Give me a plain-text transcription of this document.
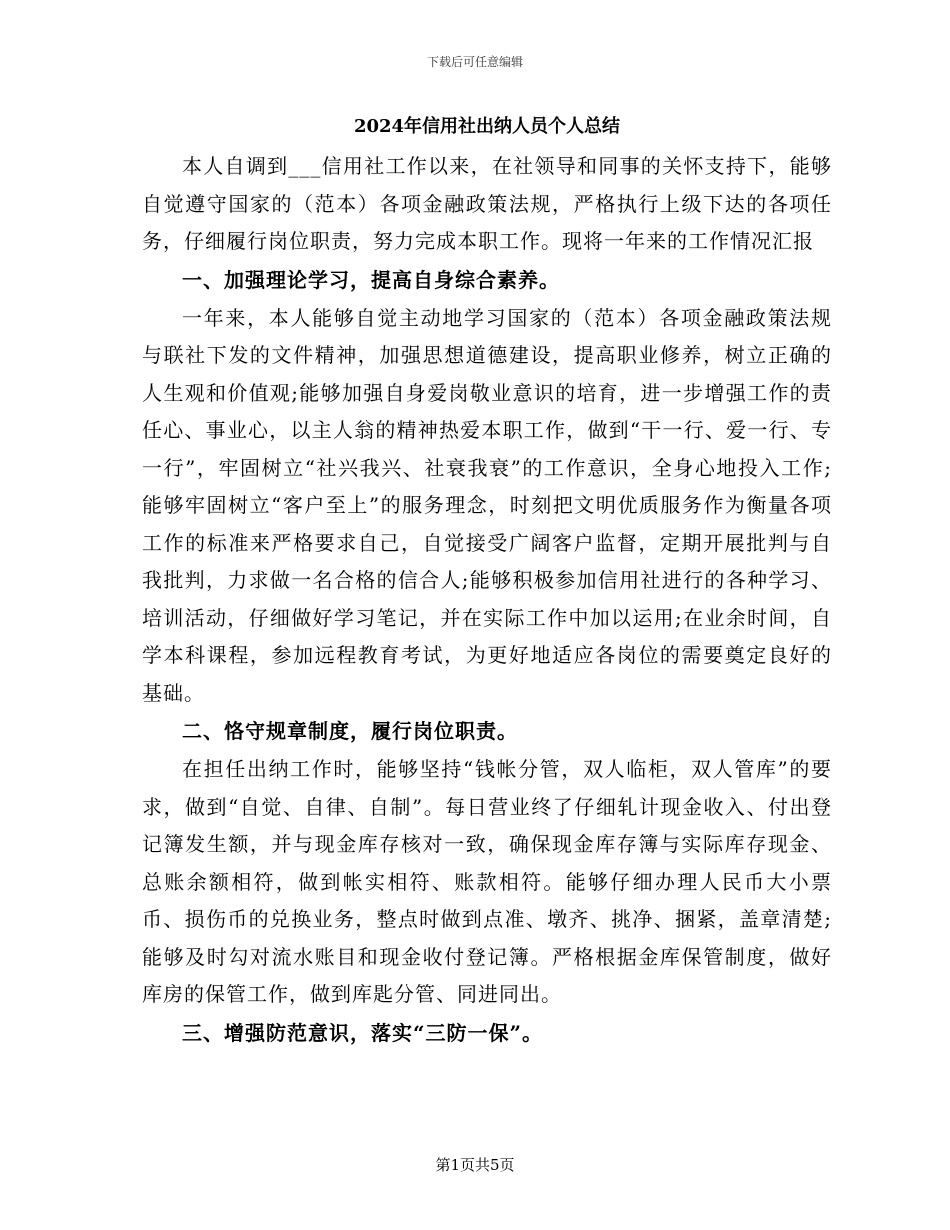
下载后可任意编辑
2024年信用社出纳人员个人总结

本人自调到___信用社工作以来，在社领导和同事的关怀支持下，能够自觉遵守国家的（范本）各项金融政策法规，严格执行上级下达的各项任务，仔细履行岗位职责，努力完成本职工作。现将一年来的工作情况汇报

一、加强理论学习，提高自身综合素养。

一年来，本人能够自觉主动地学习国家的（范本）各项金融政策法规与联社下发的文件精神，加强思想道德建设，提高职业修养，树立正确的人生观和价值观;能够加强自身爱岗敬业意识的培育，进一步增强工作的责任心、事业心，以主人翁的精神热爱本职工作，做到“干一行、爱一行、专一行”，牢固树立“社兴我兴、社衰我衰”的工作意识，全身心地投入工作;能够牢固树立“客户至上”的服务理念，时刻把文明优质服务作为衡量各项工作的标准来严格要求自己，自觉接受广阔客户监督，定期开展批判与自我批判，力求做一名合格的信合人;能够积极参加信用社进行的各种学习、培训活动，仔细做好学习笔记，并在实际工作中加以运用;在业余时间，自学本科课程，参加远程教育考试，为更好地适应各岗位的需要奠定良好的基础。

二、恪守规章制度，履行岗位职责。

在担任出纳工作时，能够坚持“钱帐分管，双人临柜，双人管库”的要求，做到“自觉、自律、自制”。每日营业终了仔细轧计现金收入、付出登记簿发生额，并与现金库存核对一致，确保现金库存簿与实际库存现金、总账余额相符，做到帐实相符、账款相符。能够仔细办理人民币大小票币、损伤币的兑换业务，整点时做到点准、墩齐、挑净、捆紧，盖章清楚;能够及时勾对流水账目和现金收付登记簿。严格根据金库保管制度，做好库房的保管工作，做到库匙分管、同进同出。

三、增强防范意识，落实“三防一保”。

第1页共5页
